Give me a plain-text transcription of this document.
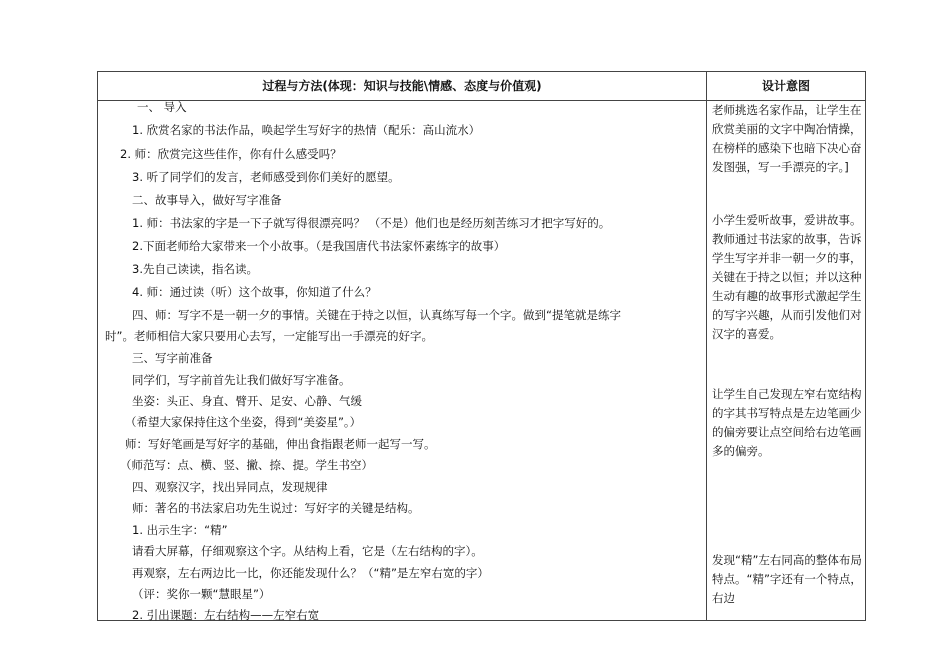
过程与方法(体现：知识与技能\情感、态度与价值观)	设计意图
一、 导入
1. 欣赏名家的书法作品，唤起学生写好字的热情（配乐：高山流水）
2. 师：欣赏完这些佳作，你有什么感受吗？
3. 听了同学们的发言，老师感受到你们美好的愿望。
二、故事导入，做好写字准备
1. 师：书法家的字是一下子就写得很漂亮吗？ （不是）他们也是经历刻苦练习才把字写好的。
2.下面老师给大家带来一个小故事。（是我国唐代书法家怀素练字的故事）
3.先自己读读，指名读。
4. 师：通过读（听）这个故事，你知道了什么？
四、师：写字不是一朝一夕的事情。关键在于持之以恒，认真练写每一个字。做到“提笔就是练字
时”。老师相信大家只要用心去写，一定能写出一手漂亮的好字。
三、写字前准备
同学们，写字前首先让我们做好写字准备。
坐姿：头正、身直、臂开、足安、心静、气缓
（希望大家保持住这个坐姿，得到“美姿星”。）
师：写好笔画是写好字的基础，伸出食指跟老师一起写一写。
（师范写：点、横、竖、撇、捺、提。学生书空）
四、观察汉字，找出异同点，发现规律
师：著名的书法家启功先生说过：写好字的关键是结构。
1. 出示生字：“精”
请看大屏幕，仔细观察这个字。从结构上看，它是（左右结构的字）。
再观察，左右两边比一比，你还能发现什么？（“精”是左窄右宽的字）
（评：奖你一颗“慧眼星”）
2. 引出课题：左右结构——左窄右宽
老师挑选名家作品，让学生在欣赏美丽的文字中陶冶情操，在榜样的感染下也暗下决心奋发图强，写一手漂亮的字。]
小学生爱听故事，爱讲故事。教师通过书法家的故事，告诉学生写字并非一朝一夕的事，关键在于持之以恒；并以这种生动有趣的故事形式激起学生的写字兴趣，从而引发他们对汉字的喜爱。
让学生自己发现左窄右宽结构的字其书写特点是左边笔画少的偏旁要让点空间给右边笔画多的偏旁。
发现“精”左右同高的整体布局特点。“精”字还有一个特点，右边
